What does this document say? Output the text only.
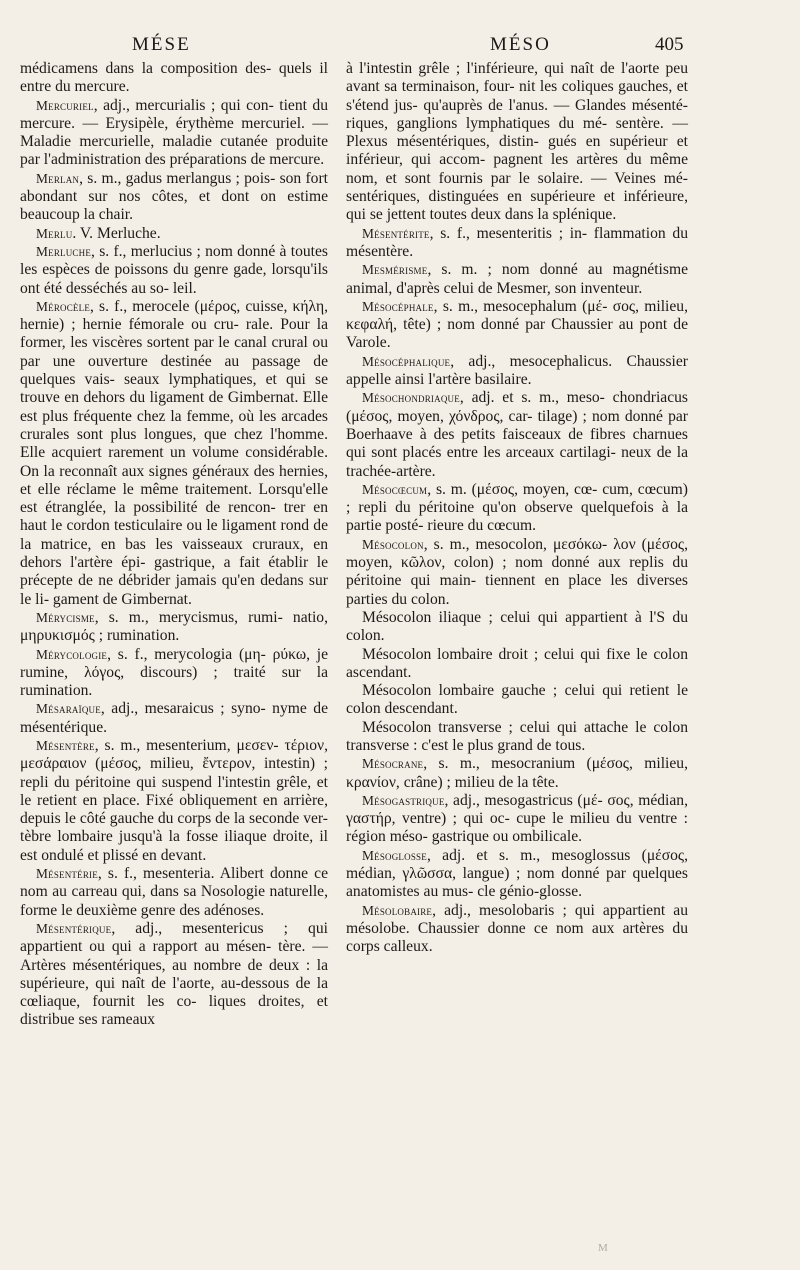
MÉSE	MÉSO	405

médicamens dans la composition des- quels il entre du mercure.

Mercuriel, adj., mercurialis ; qui con- tient du mercure. — Erysipèle, érythème mercuriel. — Maladie mercurielle, maladie cutanée produite par l'administration des préparations de mercure.

Merlan, s. m., gadus merlangus ; pois- son fort abondant sur nos côtes, et dont on estime beaucoup la chair.

Merlu. V. Merluche.

Merluche, s. f., merlucius ; nom donné à toutes les espèces de poissons du genre gade, lorsqu'ils ont été desséchés au so- leil.

Mérocèle, s. f., merocele (μέρος, cuisse, κήλη, hernie) ; hernie fémorale ou cru- rale. Pour la former, les viscères sortent par le canal crural ou par une ouverture destinée au passage de quelques vais- seaux lymphatiques, et qui se trouve en dehors du ligament de Gimbernat. Elle est plus fréquente chez la femme, où les arcades crurales sont plus longues, que chez l'homme. Elle acquiert rarement un volume considérable. On la reconnaît aux signes généraux des hernies, et elle réclame le même traitement. Lorsqu'elle est étranglée, la possibilité de rencon- trer en haut le cordon testiculaire ou le ligament rond de la matrice, en bas les vaisseaux cruraux, en dehors l'artère épi- gastrique, a fait établir le précepte de ne débrider jamais qu'en dedans sur le li- gament de Gimbernat.

Mérycisme, s. m., merycismus, rumi- natio, μηρυκισμός ; rumination.

Mérycologie, s. f., merycologia (μη- ρύκω, je rumine, λόγος, discours) ; traité sur la rumination.

Mésaraïque, adj., mesaraicus ; syno- nyme de mésentérique.

Mésentère, s. m., mesenterium, μεσεν- τέριον, μεσάραιον (μέσος, milieu, ἔντερον, intestin) ; repli du péritoine qui suspend l'intestin grêle, et le retient en place. Fixé obliquement en arrière, depuis le côté gauche du corps de la seconde ver- tèbre lombaire jusqu'à la fosse iliaque droite, il est ondulé et plissé en devant.

Mésentérie, s. f., mesenteria. Alibert donne ce nom au carreau qui, dans sa Nosologie naturelle, forme le deuxième genre des adénoses.

Mésentérique, adj., mesentericus ; qui appartient ou qui a rapport au mésen- tère. — Artères mésentériques, au nombre de deux : la supérieure, qui naît de l'aorte, au-dessous de la cœliaque, fournit les co- liques droites, et distribue ses rameaux

à l'intestin grêle ; l'inférieure, qui naît de l'aorte peu avant sa terminaison, four- nit les coliques gauches, et s'étend jus- qu'auprès de l'anus. — Glandes mésenté- riques, ganglions lymphatiques du mé- sentère. — Plexus mésentériques, distin- gués en supérieur et inférieur, qui accom- pagnent les artères du même nom, et sont fournis par le solaire. — Veines mé- sentériques, distinguées en supérieure et inférieure, qui se jettent toutes deux dans la splénique.

Mésentérite, s. f., mesenteritis ; in- flammation du mésentère.

Mesmérisme, s. m. ; nom donné au magnétisme animal, d'après celui de Mesmer, son inventeur.

Mésocéphale, s. m., mesocephalum (μέ- σος, milieu, κεφαλή, tête) ; nom donné par Chaussier au pont de Varole.

Mésocéphalique, adj., mesocephalicus. Chaussier appelle ainsi l'artère basilaire.

Mésochondriaque, adj. et s. m., meso- chondriacus (μέσος, moyen, χόνδρος, car- tilage) ; nom donné par Boerhaave à des petits faisceaux de fibres charnues qui sont placés entre les arceaux cartilagi- neux de la trachée-artère.

Mésocœcum, s. m. (μέσος, moyen, cœ- cum, cœcum) ; repli du péritoine qu'on observe quelquefois à la partie posté- rieure du cœcum.

Mésocolon, s. m., mesocolon, μεσόκω- λον (μέσος, moyen, κῶλον, colon) ; nom donné aux replis du péritoine qui main- tiennent en place les diverses parties du colon.

Mésocolon iliaque ; celui qui appartient à l'S du colon.

Mésocolon lombaire droit ; celui qui fixe le colon ascendant.

Mésocolon lombaire gauche ; celui qui retient le colon descendant.

Mésocolon transverse ; celui qui attache le colon transverse : c'est le plus grand de tous.

Mésocrane, s. m., mesocranium (μέσος, milieu, κρανίον, crâne) ; milieu de la tête.

Mésogastrique, adj., mesogastricus (μέ- σος, médian, γαστήρ, ventre) ; qui oc- cupe le milieu du ventre : région méso- gastrique ou ombilicale.

Mésoglosse, adj. et s. m., mesoglossus (μέσος, médian, γλῶσσα, langue) ; nom donné par quelques anatomistes au mus- cle génio-glosse.

Mésolobaire, adj., mesolobaris ; qui appartient au mésolobe. Chaussier donne ce nom aux artères du corps calleux.

M
